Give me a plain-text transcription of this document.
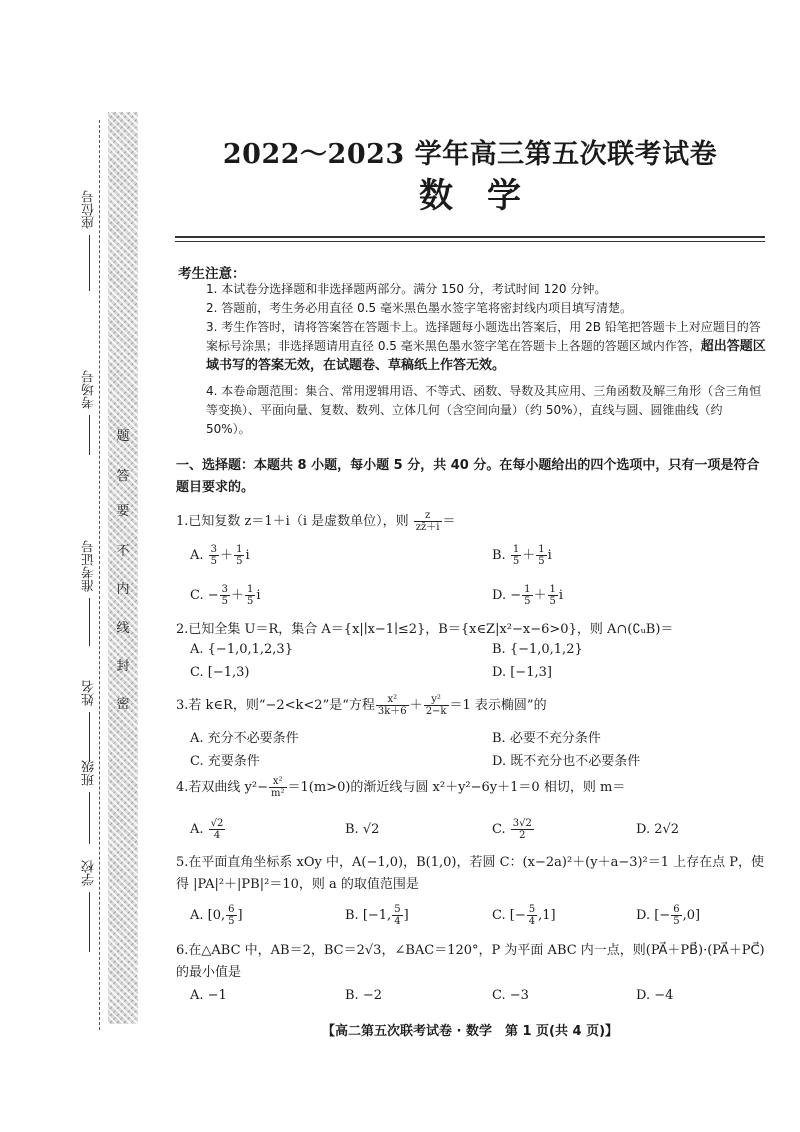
座位号
考场号
准考证号
姓名
班级
学校
题
答
要
不
内
线
封
密
2022～2023 学年高三第五次联考试卷
数　学
考生注意：
1. 本试卷分选择题和非选择题两部分。满分 150 分，考试时间 120 分钟。
2. 答题前，考生务必用直径 0.5 毫米黑色墨水签字笔将密封线内项目填写清楚。
3. 考生作答时，请将答案答在答题卡上。选择题每小题选出答案后，用 2B 铅笔把答题卡上对应题目的答案标号涂黑；非选择题请用直径 0.5 毫米黑色墨水签字笔在答题卡上各题的答题区域内作答，超出答题区域书写的答案无效，在试题卷、草稿纸上作答无效。
4. 本卷命题范围：集合、常用逻辑用语、不等式、函数、导数及其应用、三角函数及解三角形（含三角恒等变换）、平面向量、复数、数列、立体几何（含空间向量）（约 50%），直线与圆、圆锥曲线（约 50%）。
一、选择题：本题共 8 小题，每小题 5 分，共 40 分。在每小题给出的四个选项中，只有一项是符合题目要求的。
1.已知复数 z＝1＋i（i 是虚数单位），则 $\frac{z}{zz̄+i}$ ＝
A. $\frac{3}{5} + \frac{1}{5}$ i	B. $\frac{1}{5} + \frac{1}{5}$ i
C. − $\frac{3}{5} + \frac{1}{5}$ i	D. − $\frac{1}{5} + \frac{1}{5}$ i
2.已知全集 U＝R，集合 A＝{x|∣x−1∣≤2}，B＝{x∈Z|x²−x−6>0}，则 A∩(∁ᵤB)＝
A. {−1,0,1,2,3}	B. {−1,0,1,2}
C. [−1,3)	D. [−1,3]
3.若 k∈R，则“−2<k<2”是“方程 $\frac{\text{x²}}{3k+6} + \frac{\text{y²}}{2-k} =1$ 表示椭圆”的
A. 充分不必要条件	B. 必要不充分条件
C. 充要条件	D. 既不充分也不必要条件
4.若双曲线 $y^2- \frac{\text{x²}}{\text{m²}} =1(m>0)$的渐近线与圆 x²＋y²−6y＋1＝0 相切，则 m＝
A. $\frac{√2}{4}$	B. √2	C. $\frac{3√2}{2}$	D. 2√2
5.在平面直角坐标系 xOy 中，A(−1,0)，B(1,0)，若圆 C：(x−2a)²＋(y＋a−3)²＝1 上存在点 P，使得 |PA|²＋|PB|²＝10，则 a 的取值范围是
A. [0, $\frac{6}{5}$ ]	B. [−1, $\frac{5}{4}$ ]	C. [− $\frac{5}{4} ,1$]	D. [− $\frac{6}{5} ,0$]
6.在△ABC 中，AB＝2，BC＝2√3，∠BAC＝120°，P 为平面 ABC 内一点，则(PA⃗＋PB⃗)·(PA⃗＋PC⃗)的最小值是
A. −1	B. −2	C. −3	D. −4
【高二第五次联考试卷 · 数学　第 1 页(共 4 页)】
